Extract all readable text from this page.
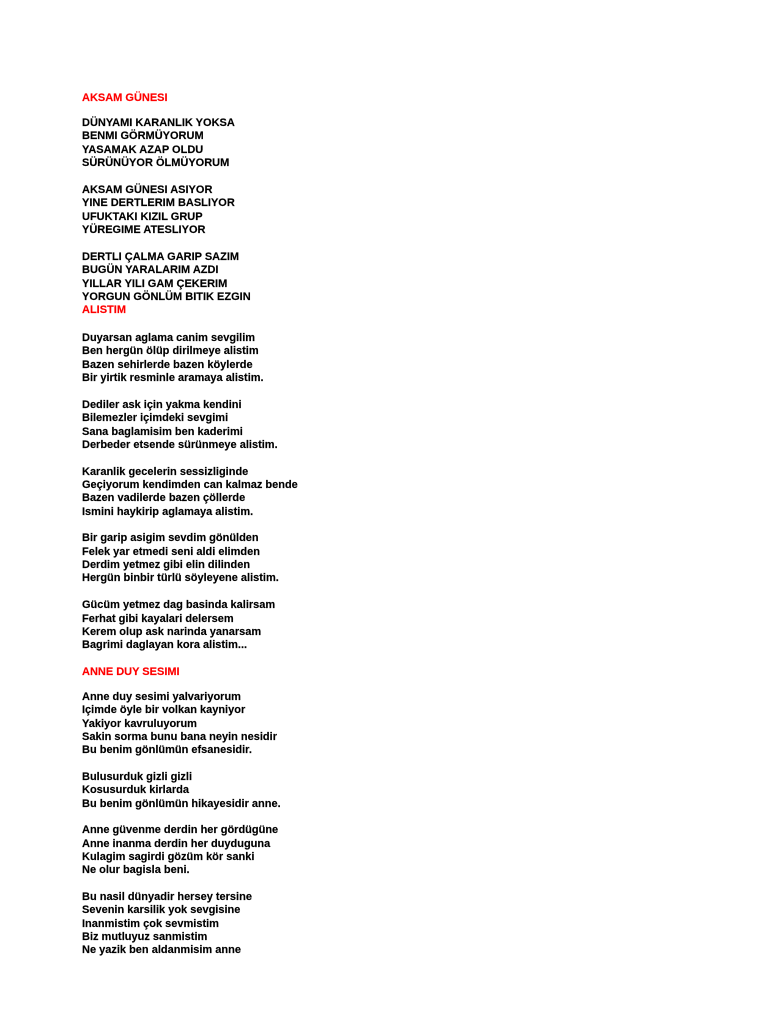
AKSAM GÜNESI
DÜNYAMI KARANLIK YOKSA
BENMI GÖRMÜYORUM
YASAMAK AZAP OLDU
SÜRÜNÜYOR ÖLMÜYORUM
AKSAM GÜNESI ASIYOR
YINE DERTLERIM BASLIYOR
UFUKTAKI KIZIL GRUP
YÜREGIME ATESLIYOR
DERTLI ÇALMA GARIP SAZIM
BUGÜN YARALARIM AZDI
YILLAR YILI GAM ÇEKERIM
YORGUN GÖNLÜM BITIK EZGIN
ALISTIM
Duyarsan aglama canim sevgilim
Ben hergün ölüp dirilmeye alistim
Bazen sehirlerde bazen köylerde
Bir yirtik resminle aramaya alistim.
Dediler ask için yakma kendini
Bilemezler içimdeki sevgimi
Sana baglamisim ben kaderimi
Derbeder etsende sürünmeye alistim.
Karanlik gecelerin sessizliginde
Geçiyorum kendimden can kalmaz bende
Bazen vadilerde bazen çöllerde
Ismini haykirip aglamaya alistim.
Bir garip asigim sevdim gönülden
Felek yar etmedi seni aldi elimden
Derdim yetmez gibi elin dilinden
Hergün binbir türlü söyleyene alistim.
Gücüm yetmez dag basinda kalirsam
Ferhat gibi kayalari delersem
Kerem olup ask narinda yanarsam
Bagrimi daglayan kora alistim...
ANNE DUY SESIMI
Anne duy sesimi yalvariyorum
Içimde öyle bir volkan kayniyor
Yakiyor kavruluyorum
Sakin sorma bunu bana neyin nesidir
Bu benim gönlümün efsanesidir.
Bulusurduk gizli gizli
Kosusurduk kirlarda
Bu benim gönlümün hikayesidir anne.
Anne güvenme derdin her gördügüne
Anne inanma derdin her duyduguna
Kulagim sagirdi gözüm kör sanki
Ne olur bagisla beni.
Bu nasil dünyadir hersey tersine
Sevenin karsilik yok sevgisine
Inanmistim çok sevmistim
Biz mutluyuz sanmistim
Ne yazik ben aldanmisim anne
